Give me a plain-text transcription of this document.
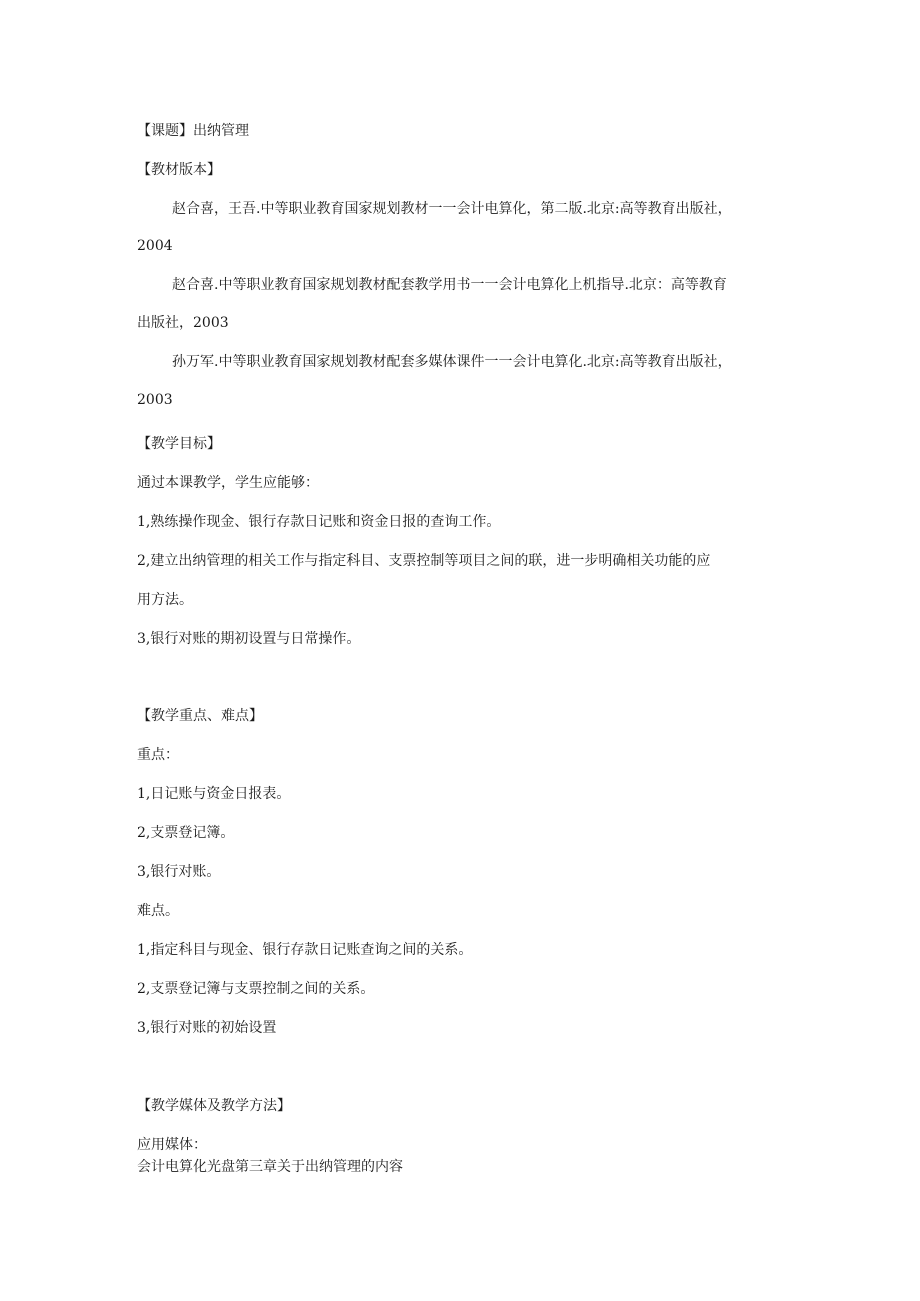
【课题】出纳管理
【教材版本】
赵合喜，王吾.中等职业教育国家规划教材一一会计电算化，第二版.北京:高等教育出版社，
2004
赵合喜.中等职业教育国家规划教材配套教学用书一一会计电算化上机指导.北京：高等教育
出版社，2003
孙万军.中等职业教育国家规划教材配套多媒体课件一一会计电算化.北京:高等教育出版社，
2003
【教学目标】
通过本课教学，学生应能够：
1,熟练操作现金、银行存款日记账和资金日报的查询工作。
2,建立出纳管理的相关工作与指定科目、支票控制等项目之间的联，进一步明确相关功能的应
用方法。
3,银行对账的期初设置与日常操作。
【教学重点、难点】
重点：
1,日记账与资金日报表。
2,支票登记簿。
3,银行对账。
难点。
1,指定科目与现金、银行存款日记账查询之间的关系。
2,支票登记簿与支票控制之间的关系。
3,银行对账的初始设置
【教学媒体及教学方法】
应用媒体：
会计电算化光盘第三章关于出纳管理的内容
